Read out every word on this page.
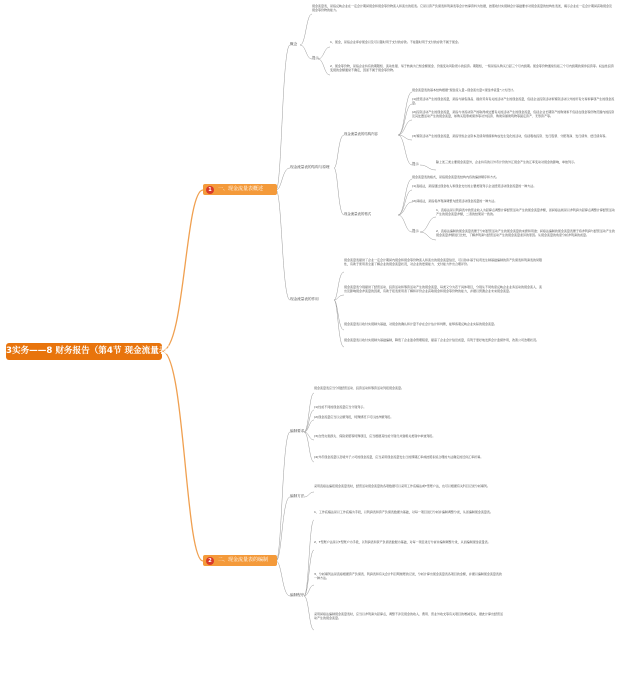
3实务——8 财务报告（第4节 现金流量表）
1	一、现金流量表概述
2	二、现金流量表的编制
概念
现金流量表，是指反映企业在一定会计期间现金和现金等价物流入和流出的报表。它是以资产负债表和利润表等会计核算资料为依据，按照收付实现制会计基础要求对现金流量的结构性表述，揭示企业在一定会计期间获取现金及现金等价物的能力。
提示
1、现金，是指企业库存现金以及可以随时用于支付的存款。不能随时用于支付的存款不属于现金。
2、现金等价物，是指企业持有的期限短、流动性强、易于转换为已知金额现金、价值变动风险很小的投资。期限短，一般是指从购买日起三个月内到期。现金等价物通常包括三个月内到期的债券投资等。权益性投资变现的金额通常不确定，因而不属于现金等价物。
现金流量表的结构与原理
现金流量表的结构内容
现金流量表的基本结构根据“现金流入量−现金流出量=现金净流量”公式设计。
(1)经营活动产生的现金流量，是指与销售商品、提供劳务有关的活动产生的现金流量，包括企业投资活动和筹资活动以外的所有交易和事项产生的现金流量。
(2)投资活动产生的现金流量，是指与非流动资产的取得或处置有关的活动产生的现金流量，包括企业长期资产的购建和不包括在现金等价物范围内的投资及其处置活动产生的现金流量，如购买股票或债券等对外投资、购建房屋建筑物等固定资产、无形资产等。
(3)筹资活动产生的现金流量，是指导致企业资本及债务规模和构成发生变化的活动，包括吸收投资、发行股票、分配利润、发行债券、偿还债务等。
提示	除上述三类主要现金流量外，企业持有的以外币计价的外汇现金产生的汇率变动对现金的影响，单独列示。
现金流量表的格式
现金流量表的格式，是指现金流量表结构内容的编排顺序和方式。
(1)直接法，是指通过现金收入和现金支出的主要类别列示企业经营活动现金流量的一种方法。
(2)间接法，是指将净利润调整为经营活动现金流量的一种方法。
提示
1、直接法是以利润表中的营业收入为起算点调整计算经营活动产生的现金流量净额，而间接法则是以净利润为起算点调整计算经营活动产生的现金流量净额，二者的结果是一致的。
2、直接法编制的现金流量表便于分析经营活动产生的现金流量的来源和用途；间接法编制的现金流量表便于将净利润与经营活动产生的现金流量净额进行比较，了解净利润与经营活动产生的现金流量差异的原因。从现金流量的角度分析净利润的质量。
现金流量表的作用
现金流量表提供了企业一定会计期间内现金和现金等价物流入和流出的现金流量信息，可以弥补基于权责发生制基础编制的资产负债表和利润表的局限性，有助于使用者全面了解企业的现金流量状况，对企业的偿债能力、支付能力作出合理评价。
现金流量表分别提供了经营活动、投资活动和筹资活动产生的现金流量，每类又分为若干具体项目，分别从不同角度反映企业业务活动的现金流入、流出及影响现金净流量的因素，有助于报表使用者了解和评价企业获取现金和现金等价物的能力，并据以预测企业未来现金流量。
现金流量表以收付实现制为基础，对现金的确认和计量不存在会计估计和判断，能够客观反映企业实际的现金流量。
现金流量表以收付实现制为基础编制，降低了企业盈余管理程度，提高了企业会计信息质量，有利于更好地发挥会计监督作用，改善公司治理状况。
编制要求
现金流量表应当分别经营活动、投资活动和筹资活动列报现金流量。
(1)性质不同的现金流量应当分别列示。
(2)现金流量应当以总额列报，特殊情况下可以按净额列报。
(3)自然灾害损失、保险索赔等特殊项目，应当根据其性质分别归并到相关类别中单独列报。
(4)外币现金流量以及境外子公司的现金流量，应当采用现金流量发生日的即期汇率或按照系统合理的方法确定的近似汇率折算。
编制方法
采用直接法编报现金流量表时，经营活动现金流量的各项数据可以采用工作底稿法或T型账户法，也可以根据有关科目记录分析填列。
编制程序
1、工作底稿法是以工作底稿为手段，以利润表和资产负债表数据为基础，对每一项目进行分析并编制调整分录，从而编制现金流量表。
2、T型账户法是以T型账户为手段，以利润表和资产负债表数据为基础，对每一项目进行分析并编制调整分录，从而编制现金流量表。
3、分析填列法是直接根据资产负债表、利润表和有关会计科目明细账的记录，分析计算出现金流量表各项目的金额，并据以编制现金流量表的一种方法。
采用间接法编制现金流量表时，应当以净利润为起算点，调整不涉及现金的收入、费用、营业外收支等有关项目的增减变动，据此计算出经营活动产生的现金流量。
